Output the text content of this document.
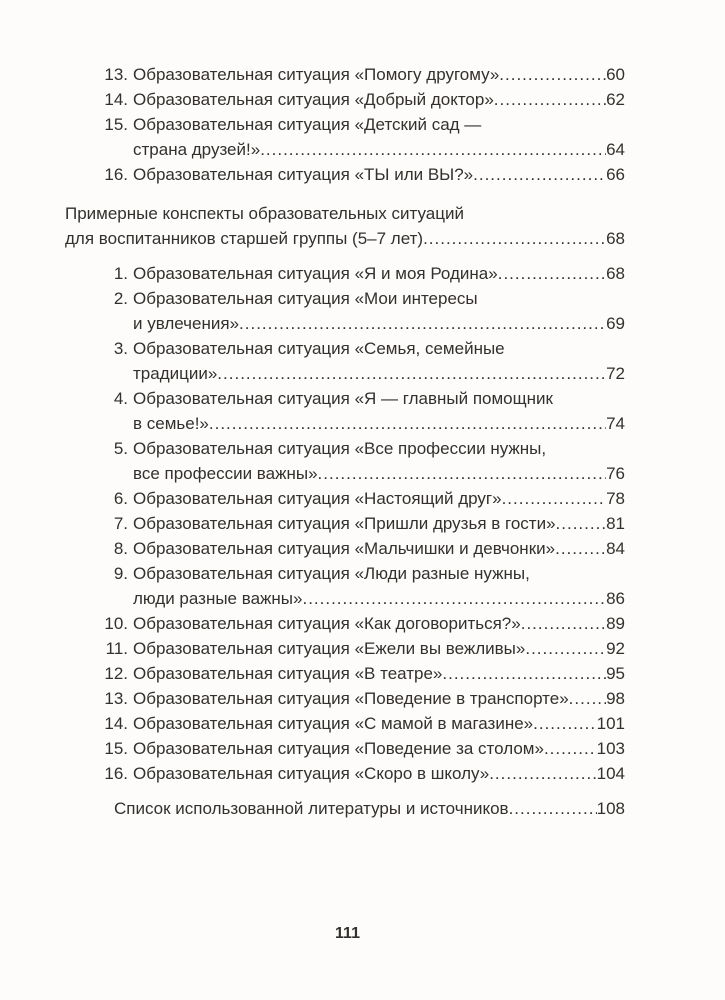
13. Образовательная ситуация «Помогу другому» .....	60
14. Образовательная ситуация «Добрый доктор» .....	62
15. Образовательная ситуация «Детский сад —
страна друзей!» .....	64
16. Образовательная ситуация «ТЫ или ВЫ?» .....	66
Примерные конспекты образовательных ситуаций
для воспитанников старшей группы (5–7 лет) .....	68
1. Образовательная ситуация «Я и моя Родина» .....	68
2. Образовательная ситуация «Мои интересы
и увлечения» .....	69
3. Образовательная ситуация «Семья, семейные
традиции» .....	72
4. Образовательная ситуация «Я — главный помощник
в семье!» .....	74
5. Образовательная ситуация «Все профессии нужны,
все профессии важны» .....	76
6. Образовательная ситуация «Настоящий друг» .....	78
7. Образовательная ситуация «Пришли друзья в гости» .....	81
8. Образовательная ситуация «Мальчишки и девчонки» .....	84
9. Образовательная ситуация «Люди разные нужны,
люди разные важны» .....	86
10. Образовательная ситуация «Как договориться?» .....	89
11. Образовательная ситуация «Ежели вы вежливы» .....	92
12. Образовательная ситуация «В театре» .....	95
13. Образовательная ситуация «Поведение в транспорте» ..... 98
14. Образовательная ситуация «С мамой в магазине» .....	101
15. Образовательная ситуация «Поведение за столом» .....	103
16. Образовательная ситуация «Скоро в школу» .....	104
Список использованной литературы и источников .....	108
111
